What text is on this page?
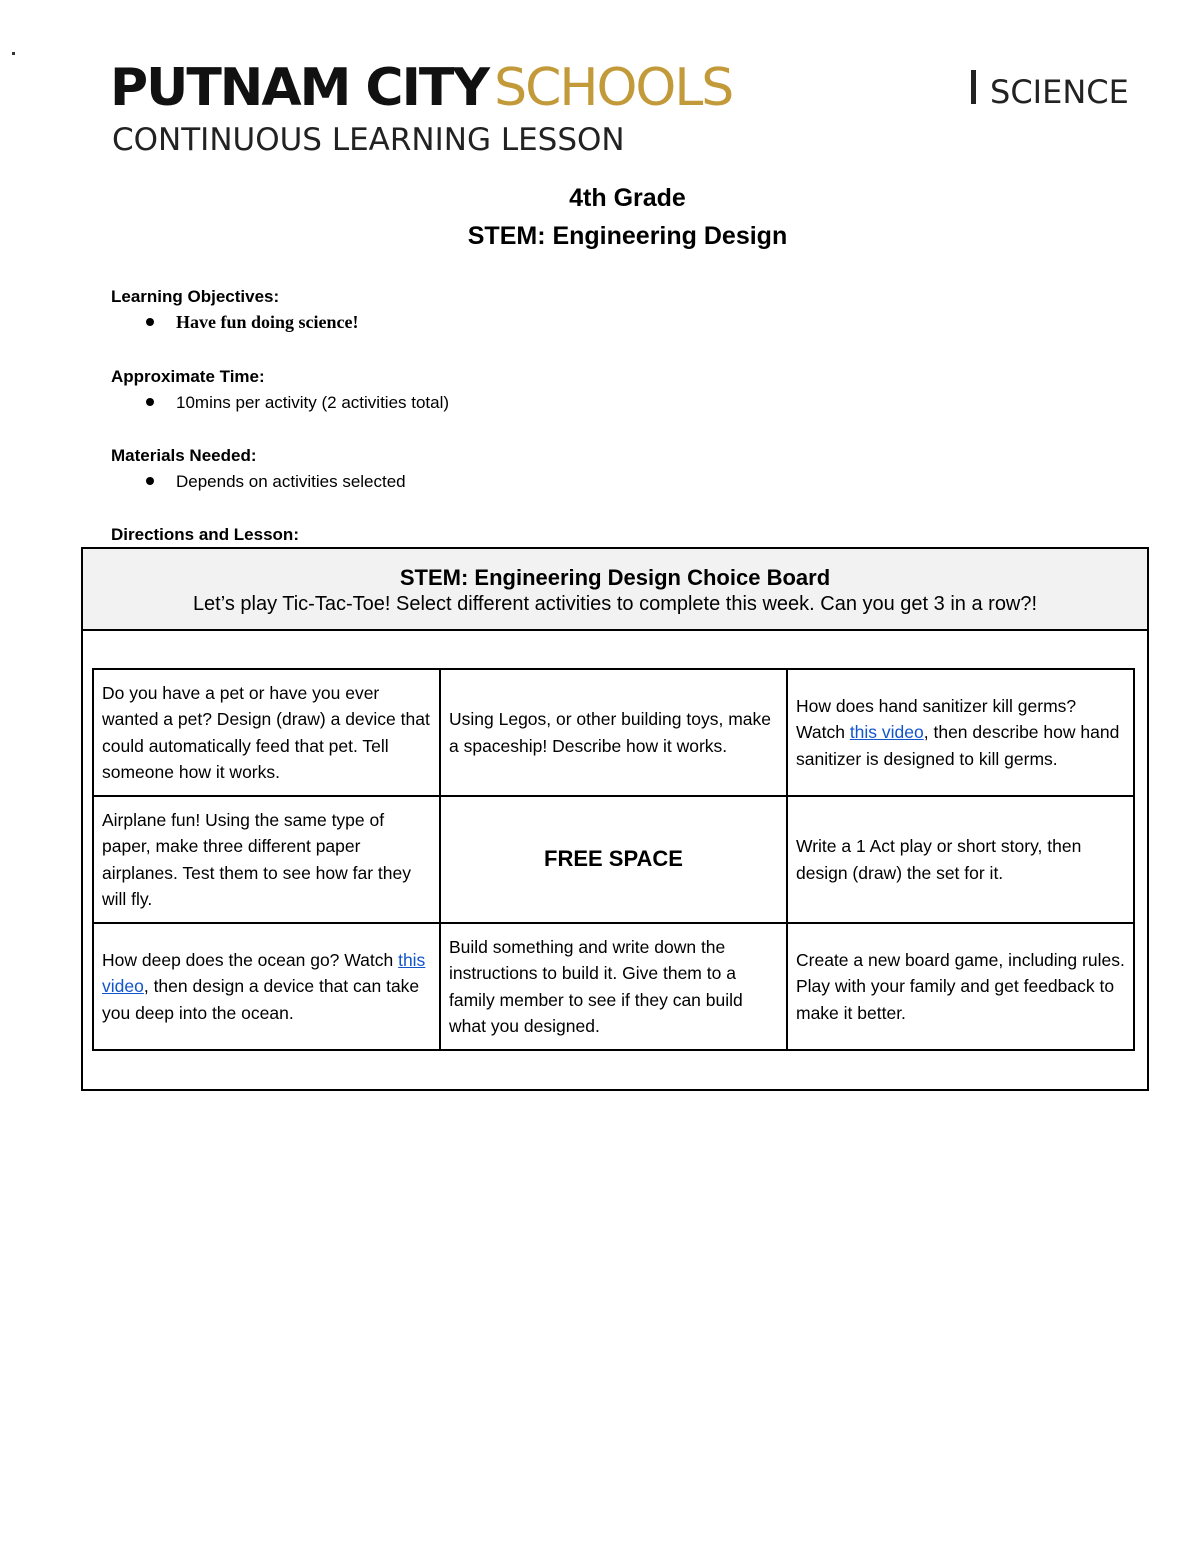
PUTNAM CITY SCHOOLS
CONTINUOUS LEARNING LESSON
SCIENCE
4th Grade
STEM: Engineering Design
Learning Objectives:
Have fun doing science!
Approximate Time:
10mins per activity (2 activities total)
Materials Needed:
Depends on activities selected
Directions and Lesson:
STEM: Engineering Design Choice Board
Let’s play Tic-Tac-Toe! Select different activities to complete this week. Can you get 3 in a row?!
Do you have a pet or have you ever wanted a pet? Design (draw) a device that could automatically feed that pet. Tell someone how it works.	Using Legos, or other building toys, make a spaceship! Describe how it works.	How does hand sanitizer kill germs? Watch this video, then describe how hand sanitizer is designed to kill germs.
Airplane fun! Using the same type of paper, make three different paper airplanes. Test them to see how far they will fly.	FREE SPACE	Write a 1 Act play or short story, then design (draw) the set for it.
How deep does the ocean go? Watch this video, then design a device that can take you deep into the ocean.	Build something and write down the instructions to build it. Give them to a family member to see if they can build what you designed.	Create a new board game, including rules. Play with your family and get feedback to make it better.
